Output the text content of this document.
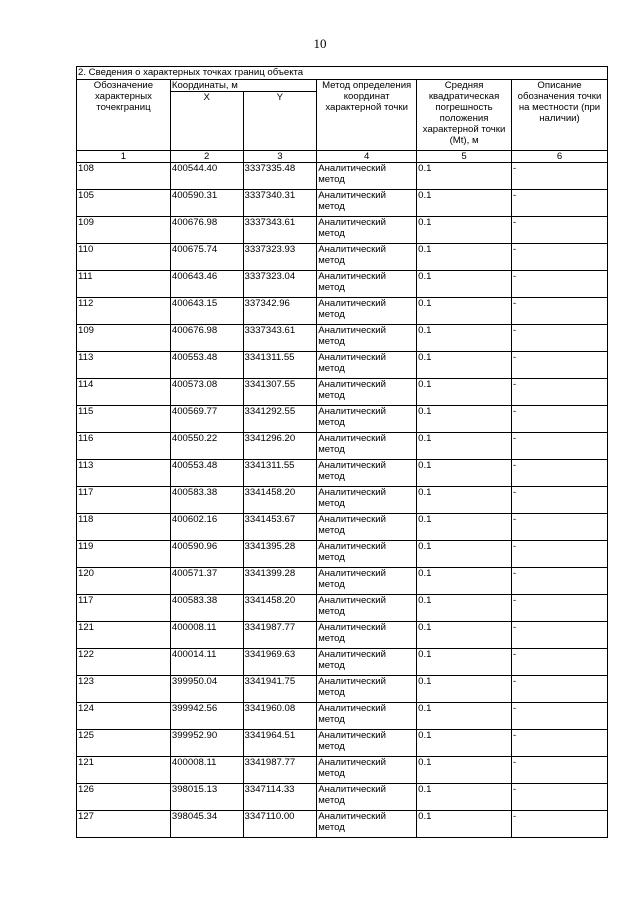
10
2. Сведения о характерных точках границ объекта					
Обозначение характерных точекграниц	Координаты, м		Метод определения координат характерной точки	Средняя квадратическая погрешность положения характерной точки (Mt), м	Описание обозначения точки на местности (при наличии)
	X	Y			
1	2	3	4	5	6
108	400544.40	3337335.48	Аналитический метод	0.1	-
105	400590.31	3337340.31	Аналитический метод	0.1	-
109	400676.98	3337343.61	Аналитический метод	0.1	-
110	400675.74	3337323.93	Аналитический метод	0.1	-
111	400643.46	3337323.04	Аналитический метод	0.1	-
112	400643.15	337342.96	Аналитический метод	0.1	-
109	400676.98	3337343.61	Аналитический метод	0.1	-
113	400553.48	3341311.55	Аналитический метод	0.1	-
114	400573.08	3341307.55	Аналитический метод	0.1	-
115	400569.77	3341292.55	Аналитический метод	0.1	-
116	400550.22	3341296.20	Аналитический метод	0.1	-
113	400553.48	3341311.55	Аналитический метод	0.1	-
117	400583.38	3341458.20	Аналитический метод	0.1	-
118	400602.16	3341453.67	Аналитический метод	0.1	-
119	400590.96	3341395.28	Аналитический метод	0.1	-
120	400571.37	3341399.28	Аналитический метод	0.1	-
117	400583.38	3341458.20	Аналитический метод	0.1	-
121	400008.11	3341987.77	Аналитический метод	0.1	-
122	400014.11	3341969.63	Аналитический метод	0.1	-
123	399950.04	3341941.75	Аналитический метод	0.1	-
124	399942.56	3341960.08	Аналитический метод	0.1	-
125	399952.90	3341964.51	Аналитический метод	0.1	-
121	400008.11	3341987.77	Аналитический метод	0.1	-
126	398015.13	3347114.33	Аналитический метод	0.1	-
127	398045.34	3347110.00	Аналитический метод	0.1	-
